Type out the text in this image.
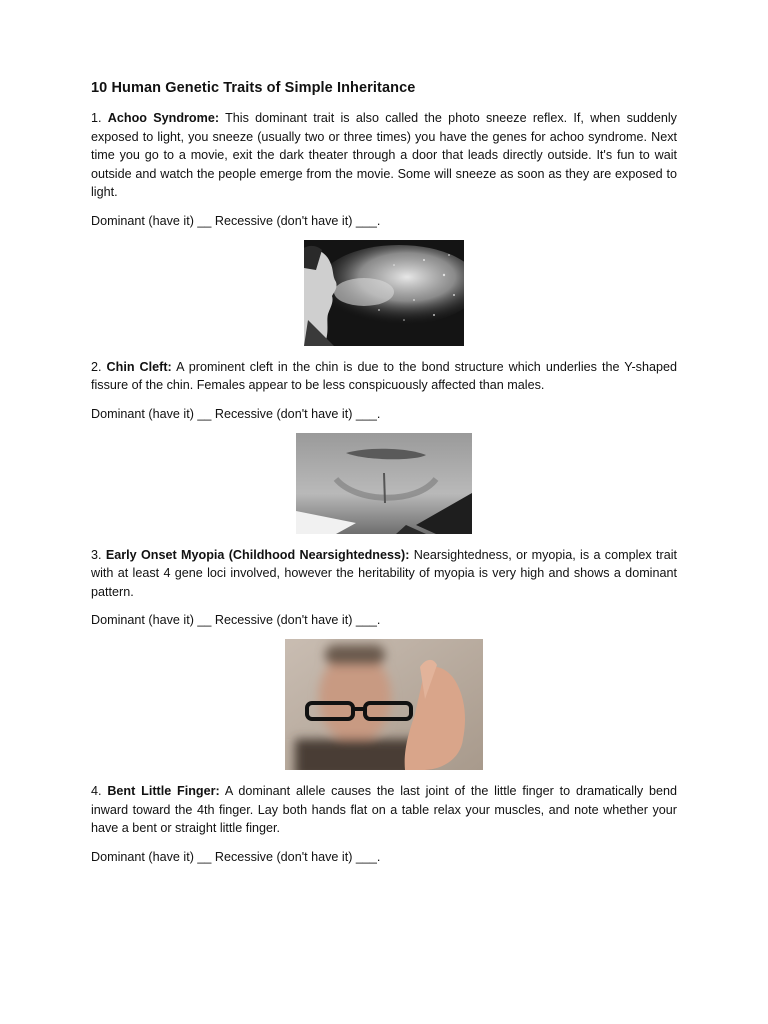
10 Human Genetic Traits of Simple Inheritance

1. Achoo Syndrome: This dominant trait is also called the photo sneeze reflex. If, when suddenly exposed to light, you sneeze (usually two or three times) you have the genes for achoo syndrome. Next time you go to a movie, exit the dark theater through a door that leads directly outside. It's fun to wait outside and watch the people emerge from the movie. Some will sneeze as soon as they are exposed to light.

Dominant (have it) __ Recessive (don't have it) ___.

2. Chin Cleft: A prominent cleft in the chin is due to the bond structure which underlies the Y-shaped fissure of the chin. Females appear to be less conspicuously affected than males.

Dominant (have it) __ Recessive (don't have it) ___.

3. Early Onset Myopia (Childhood Nearsightedness): Nearsightedness, or myopia, is a complex trait with at least 4 gene loci involved, however the heritability of myopia is very high and shows a dominant pattern.

Dominant (have it) __ Recessive (don't have it) ___.

4. Bent Little Finger: A dominant allele causes the last joint of the little finger to dramatically bend inward toward the 4th finger. Lay both hands flat on a table relax your muscles, and note whether your have a bent or straight little finger.

Dominant (have it) __ Recessive (don't have it) ___.
